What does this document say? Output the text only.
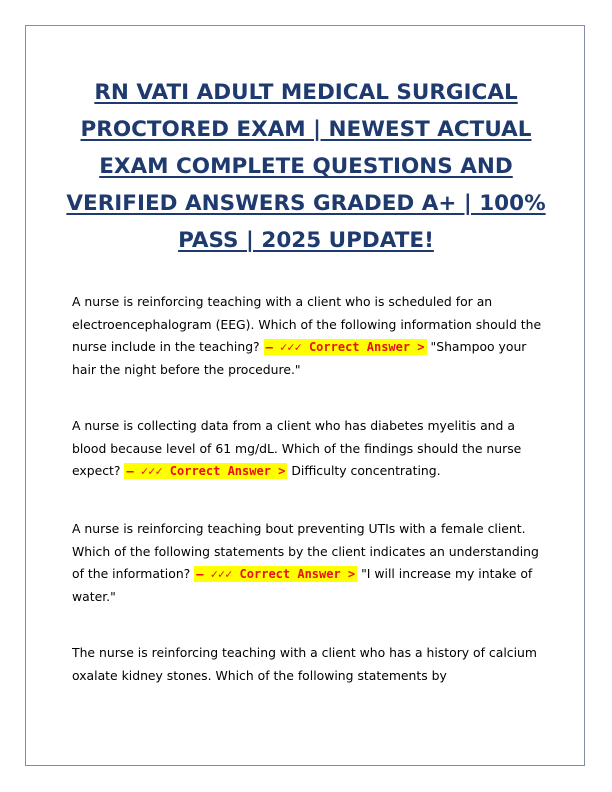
RN VATI ADULT MEDICAL SURGICAL PROCTORED EXAM | NEWEST ACTUAL EXAM COMPLETE QUESTIONS AND VERIFIED ANSWERS GRADED A+ | 100% PASS | 2025 UPDATE!

A nurse is reinforcing teaching with a client who is scheduled for an electroencephalogram (EEG). Which of the following information should the nurse include in the teaching? – ✓✓✓ Correct Answer > "Shampoo your hair the night before the procedure."

A nurse is collecting data from a client who has diabetes myelitis and a blood because level of 61 mg/dL. Which of the findings should the nurse expect? – ✓✓✓ Correct Answer > Difficulty concentrating.

A nurse is reinforcing teaching bout preventing UTIs with a female client. Which of the following statements by the client indicates an understanding of the information? – ✓✓✓ Correct Answer > "I will increase my intake of water."

The nurse is reinforcing teaching with a client who has a history of calcium oxalate kidney stones. Which of the following statements by
